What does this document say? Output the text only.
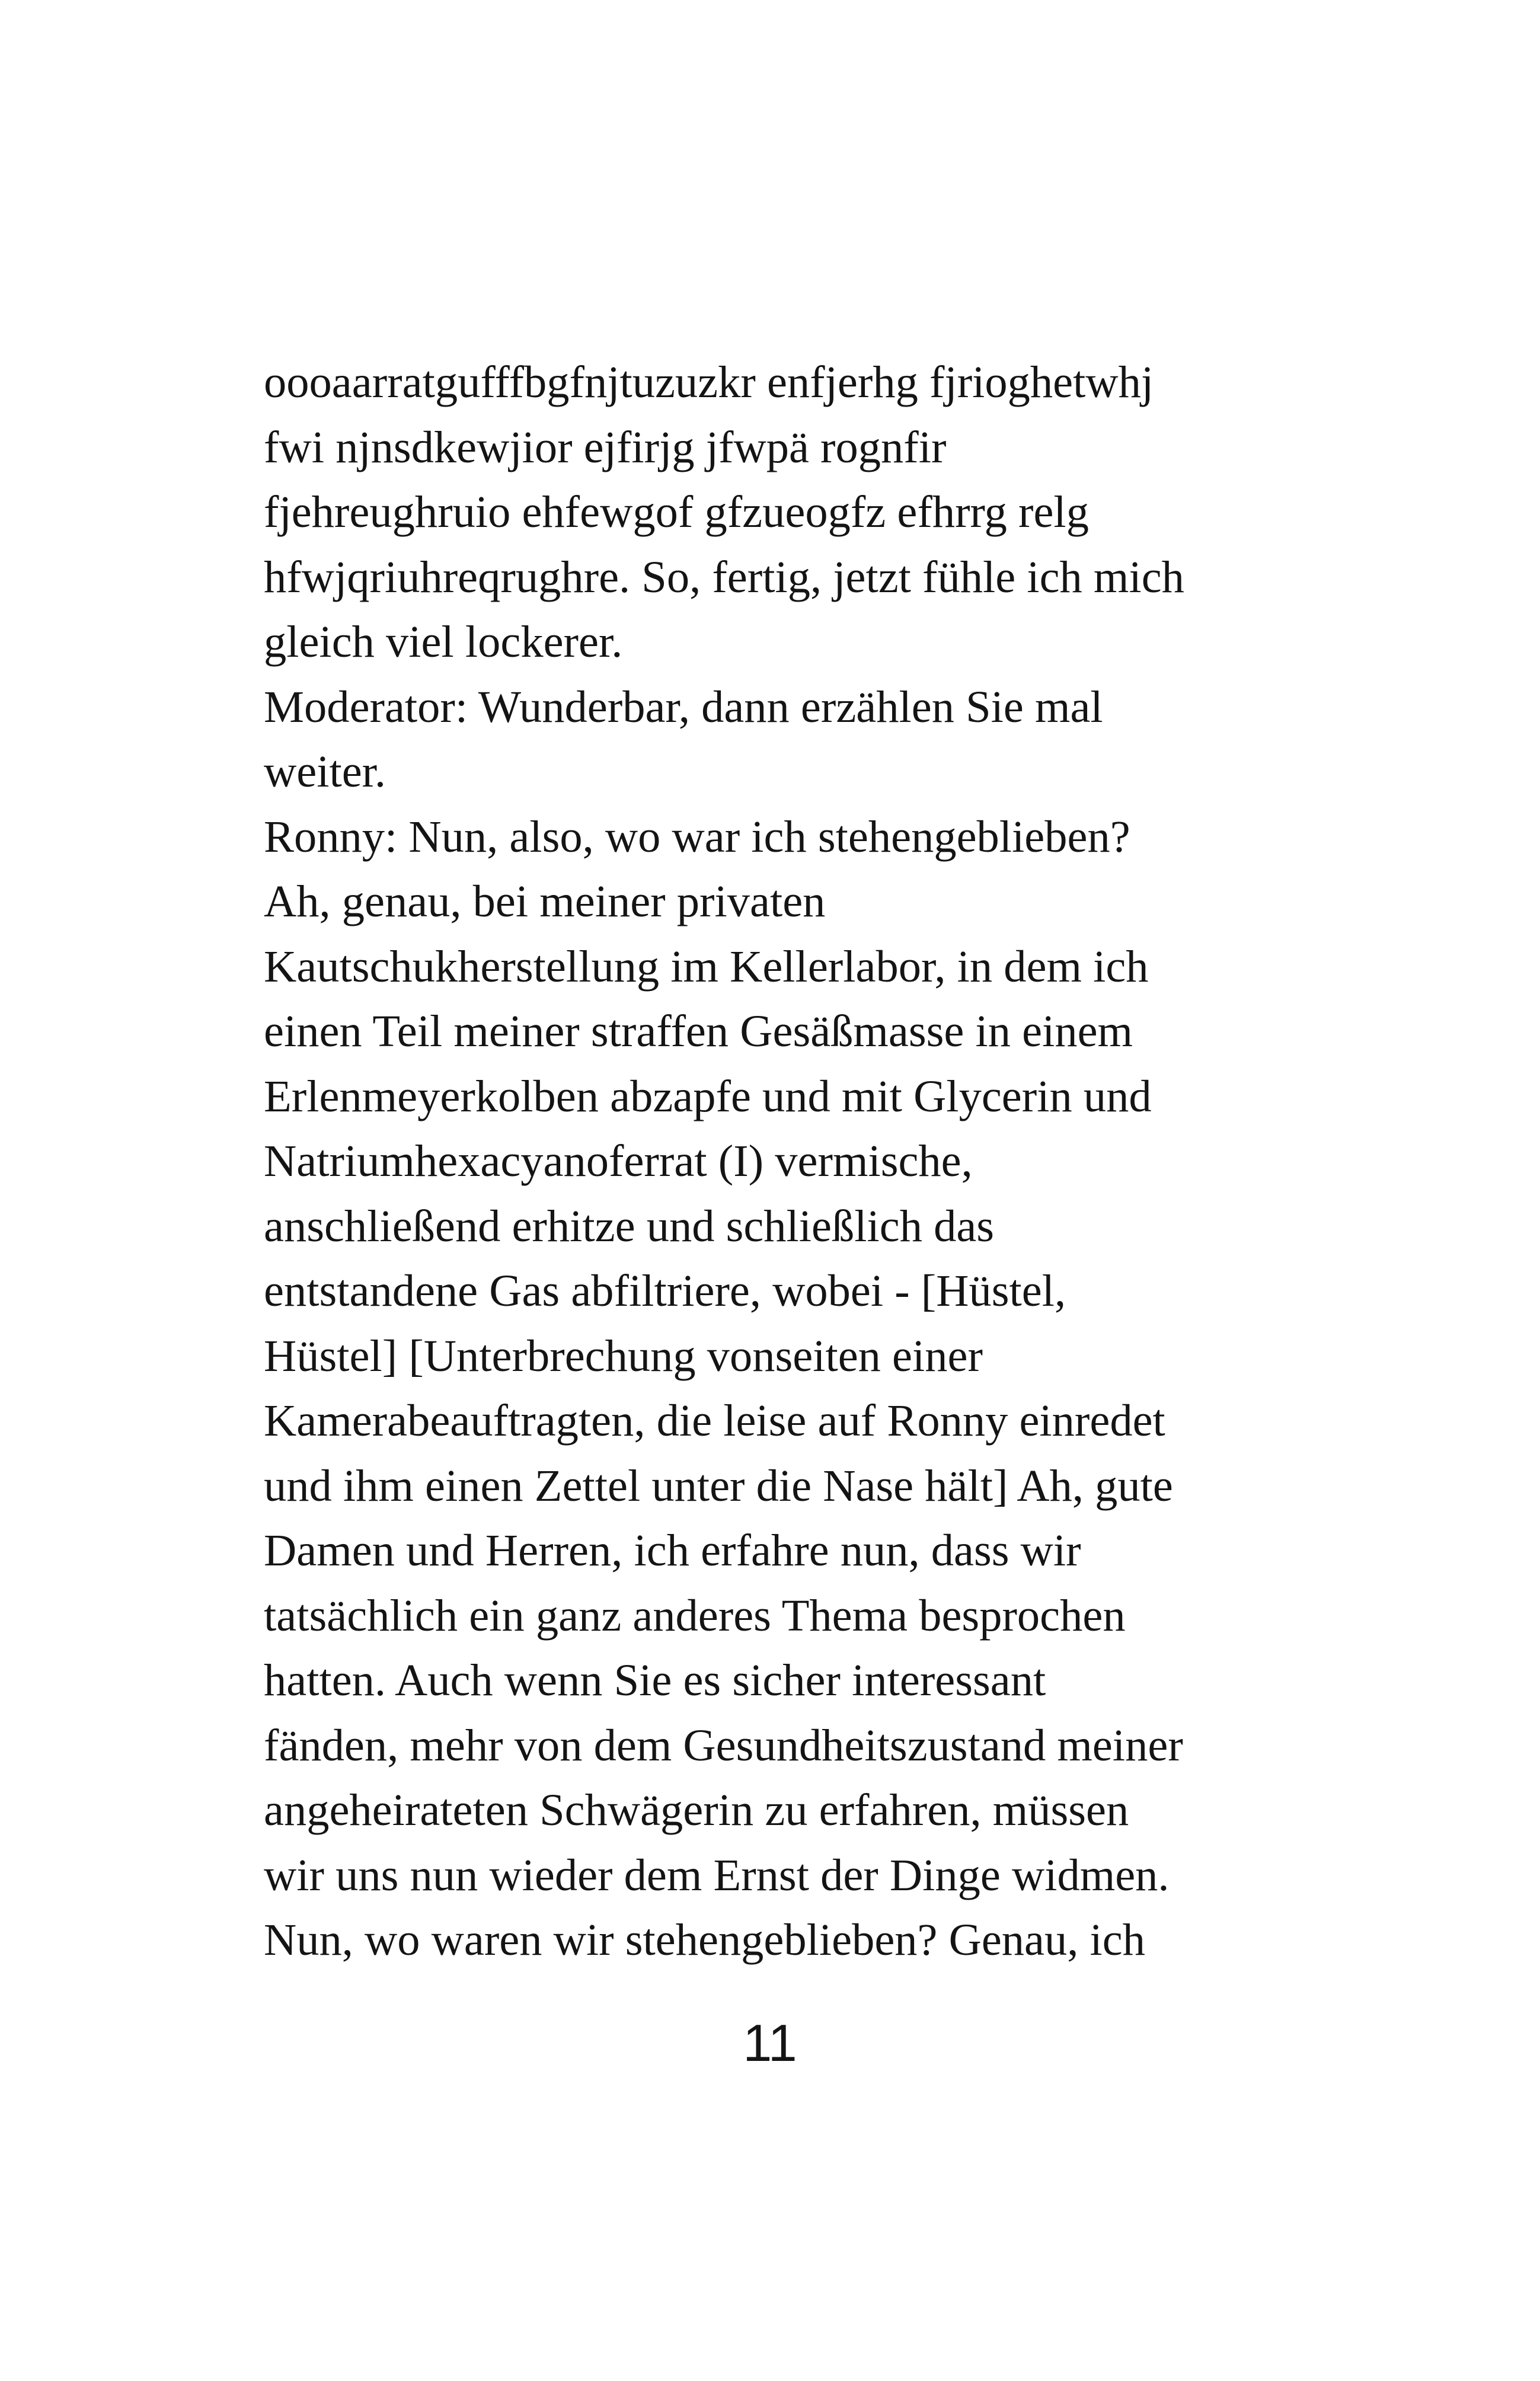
oooaarratgufffbgfnjtuzuzkr enfjerhg fjrioghetwhj
fwi njnsdkewjior ejfirjg jfwpä rognfir
fjehreughruio ehfewgof gfzueogfz efhrrg relg
hfwjqriuhreqrughre. So, fertig, jetzt fühle ich mich
gleich viel lockerer.
Moderator: Wunderbar, dann erzählen Sie mal
weiter.
Ronny: Nun, also, wo war ich stehengeblieben?
Ah, genau, bei meiner privaten
Kautschukherstellung im Kellerlabor, in dem ich
einen Teil meiner straffen Gesäßmasse in einem
Erlenmeyerkolben abzapfe und mit Glycerin und
Natriumhexacyanoferrat (I) vermische,
anschließend erhitze und schließlich das
entstandene Gas abfiltriere, wobei - [Hüstel,
Hüstel] [Unterbrechung vonseiten einer
Kamerabeauftragten, die leise auf Ronny einredet
und ihm einen Zettel unter die Nase hält] Ah, gute
Damen und Herren, ich erfahre nun, dass wir
tatsächlich ein ganz anderes Thema besprochen
hatten. Auch wenn Sie es sicher interessant
fänden, mehr von dem Gesundheitszustand meiner
angeheirateten Schwägerin zu erfahren, müssen
wir uns nun wieder dem Ernst der Dinge widmen.
Nun, wo waren wir stehengeblieben? Genau, ich
11
